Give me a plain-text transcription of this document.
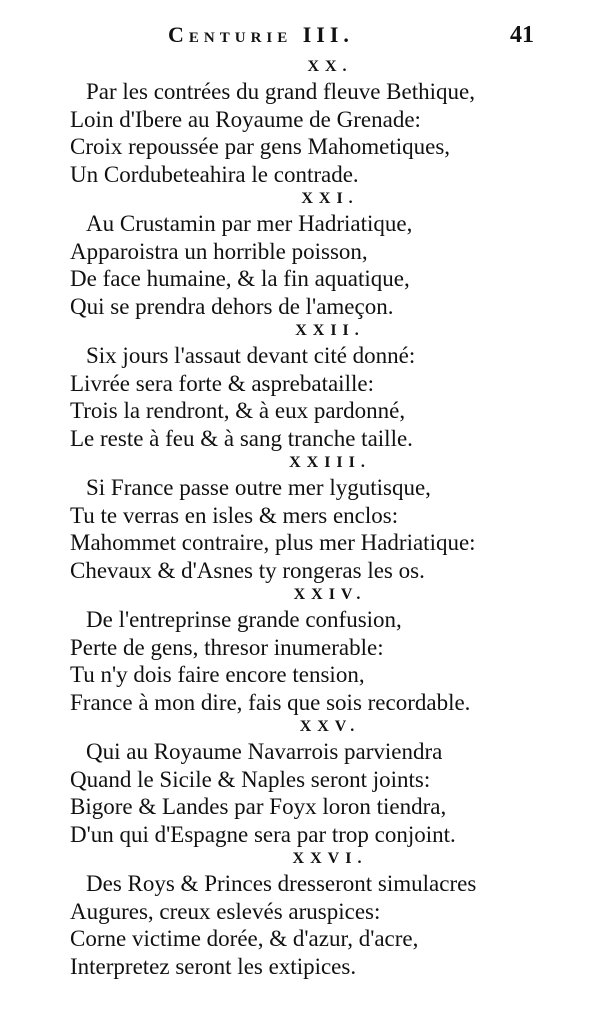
Centurie III.	41
XX.
Par les contrées du grand fleuve Bethique,
Loin d'Ibere au Royaume de Grenade:
Croix repoussée par gens Mahometiques,
Un Cordubeteahira le contrade.
XXI.
Au Crustamin par mer Hadriatique,
Apparoistra un horrible poisson,
De face humaine, & la fin aquatique,
Qui se prendra dehors de l'ameçon.
XXII.
Six jours l'assaut devant cité donné:
Livrée sera forte & asprebataille:
Trois la rendront, & à eux pardonné,
Le reste à feu & à sang tranche taille.
XXIII.
Si France passe outre mer lygutisque,
Tu te verras en isles & mers enclos:
Mahommet contraire, plus mer Hadriatique:
Chevaux & d'Asnes ty rongeras les os.
XXIV.
De l'entreprinse grande confusion,
Perte de gens, thresor inumerable:
Tu n'y dois faire encore tension,
France à mon dire, fais que sois recordable.
XXV.
Qui au Royaume Navarrois parviendra
Quand le Sicile & Naples seront joints:
Bigore & Landes par Foyx loron tiendra,
D'un qui d'Espagne sera par trop conjoint.
XXVI.
Des Roys & Princes dresseront simulacres
Augures, creux eslevés aruspices:
Corne victime dorée, & d'azur, d'acre,
Interpretez seront les extipices.
